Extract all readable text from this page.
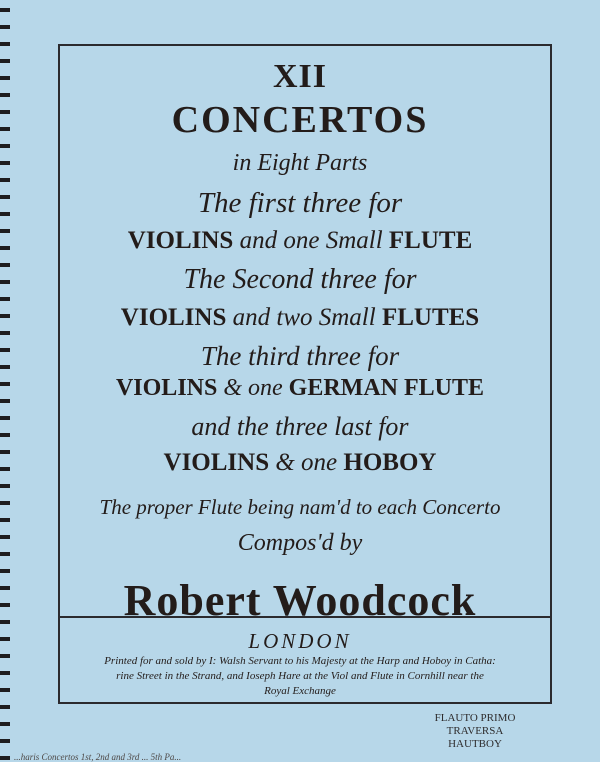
XII
CONCERTOS
in Eight Parts
The first three for
VIOLINS and one Small FLUTE
The Second three for
VIOLINS and two Small FLUTES
The third three for
VIOLINS & one GERMAN FLUTE
and the three last for
VIOLINS & one HOBOY
The proper Flute being nam'd to each Concerto
Compos'd by
Robert Woodcock
LONDON
Printed for and sold by I: Walsh Servant to his Majesty at the Harp and Hoboy in Catha:
rine Street in the Strand, and Ioseph Hare at the Viol and Flute in Cornhill near the
Royal Exchange
FLAUTO PRIMO
TRAVERSA
HAUTBOY
...haris Concertos 1st, 2nd and 3rd ... 5th Pa...
